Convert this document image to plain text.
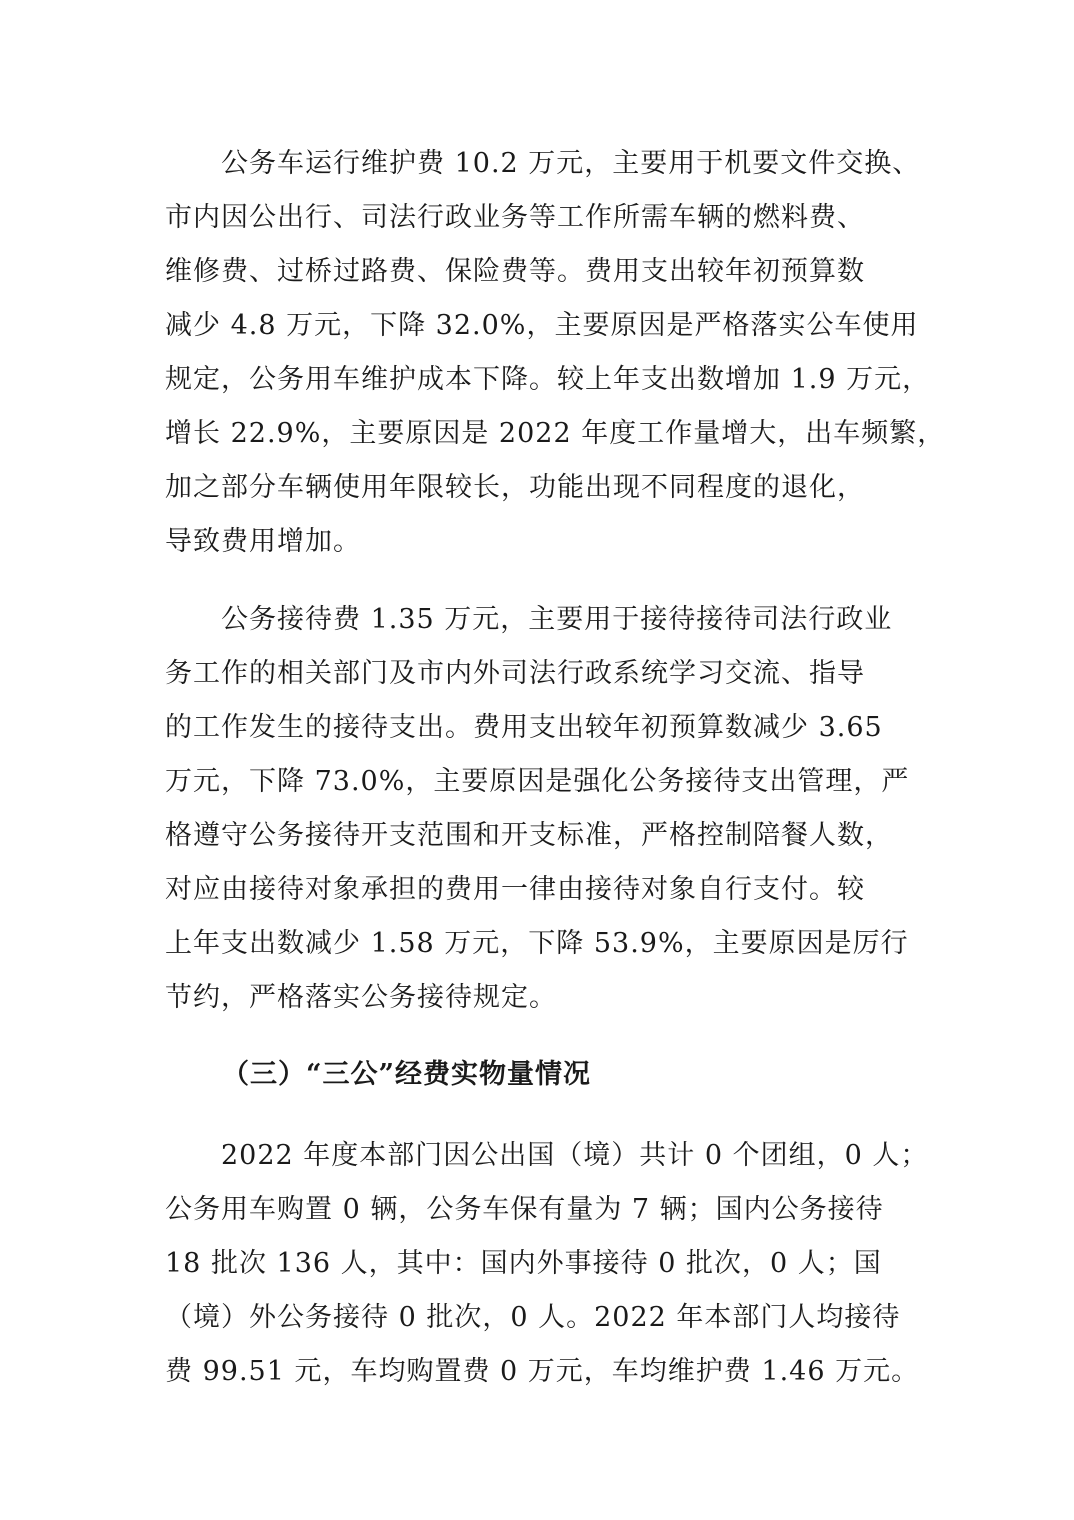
公务车运行维护费 10.2 万元，主要用于机要文件交换、
市内因公出行、司法行政业务等工作所需车辆的燃料费、
维修费、过桥过路费、保险费等。费用支出较年初预算数
减少 4.8 万元，下降 32.0%，主要原因是严格落实公车使用
规定，公务用车维护成本下降。较上年支出数增加 1.9 万元，
增长 22.9%，主要原因是 2022 年度工作量增大，出车频繁，
加之部分车辆使用年限较长，功能出现不同程度的退化，
导致费用增加。
公务接待费 1.35 万元，主要用于接待接待司法行政业
务工作的相关部门及市内外司法行政系统学习交流、指导
的工作发生的接待支出。费用支出较年初预算数减少 3.65
万元，下降 73.0%，主要原因是强化公务接待支出管理，严
格遵守公务接待开支范围和开支标准，严格控制陪餐人数，
对应由接待对象承担的费用一律由接待对象自行支付。较
上年支出数减少 1.58 万元，下降 53.9%，主要原因是厉行
节约，严格落实公务接待规定。
（三）“三公”经费实物量情况
2022 年度本部门因公出国（境）共计 0 个团组，0 人；
公务用车购置 0 辆，公务车保有量为 7 辆；国内公务接待
18 批次 136 人，其中：国内外事接待 0 批次，0 人；国
（境）外公务接待 0 批次，0 人。2022 年本部门人均接待
费 99.51 元，车均购置费 0 万元，车均维护费 1.46 万元。
